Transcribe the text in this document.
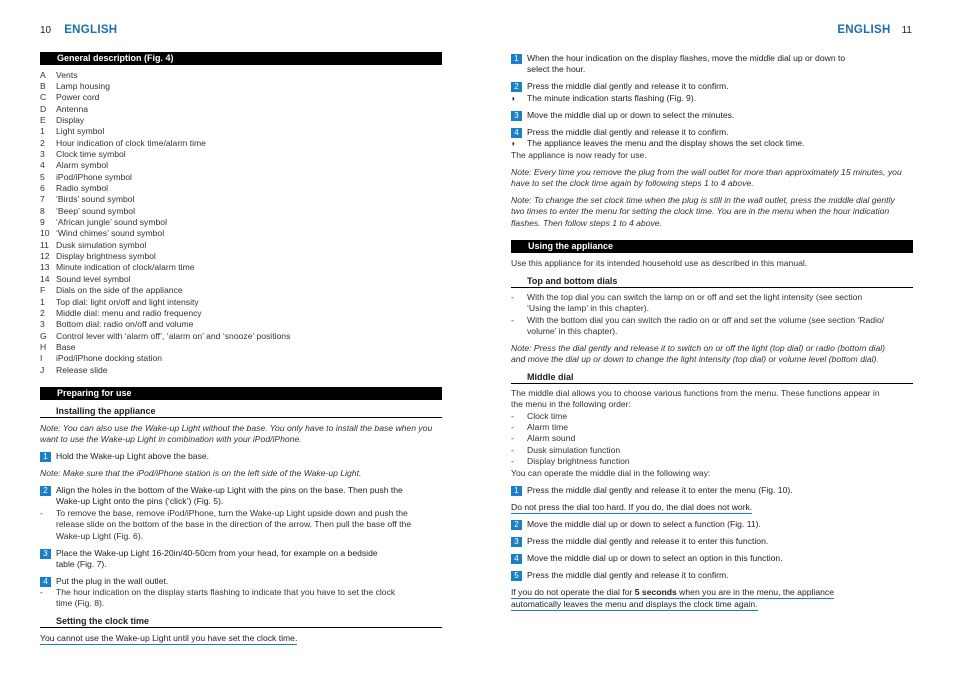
10 ENGLISH
General description (Fig. 4)
A	Vents
B	Lamp housing
C	Power cord
D	Antenna
E	Display
1	Light symbol
2	Hour indication of clock time/alarm time
3	Clock time symbol
4	Alarm symbol
5	iPod/iPhone symbol
6	Radio symbol
7	‘Birds’ sound symbol
8	‘Beep’ sound symbol
9	‘African jungle’ sound symbol
10 ‘Wind chimes’ sound symbol
11 Dusk simulation symbol
12 Display brightness symbol
13 Minute indication of clock/alarm time
14 Sound level symbol
F	Dials on the side of the appliance
1	Top dial: light on/off and light intensity
2	Middle dial: menu and radio frequency
3	Bottom dial: radio on/off and volume
G	Control lever with ‘alarm off’, ‘alarm on’ and ‘snooze’ positions
H	Base
I	iPod/iPhone docking station
J	Release slide
Preparing for use
Installing the appliance
Note: You can also use the Wake-up Light without the base. You only have to install the base when you
want to use the Wake-up Light in combination with your iPod/iPhone.
1 Hold the Wake-up Light above the base.
Note: Make sure that the iPod/iPhone station is on the left side of the Wake-up Light.
2 Align the holes in the bottom of the Wake-up Light with the pins on the base. Then push the
Wake-up Light onto the pins (‘click’) (Fig. 5).
- To remove the base, remove iPod/iPhone, turn the Wake-up Light upside down and push the
release slide on the bottom of the base in the direction of the arrow. Then pull the base off the
Wake-up Light (Fig. 6).
3 Place the Wake-up Light 16-20in/40-50cm from your head, for example on a bedside
table (Fig. 7).
4 Put the plug in the wall outlet.
- The hour indication on the display starts flashing to indicate that you have to set the clock
time (Fig. 8).
Setting the clock time
You cannot use the Wake-up Light until you have set the clock time.
ENGLISH 11
1 When the hour indication on the display flashes, move the middle dial up or down to
select the hour.
2 Press the middle dial gently and release it to confirm.
◗ The minute indication starts flashing (Fig. 9).
3 Move the middle dial up or down to select the minutes.
4 Press the middle dial gently and release it to confirm.
◗ The appliance leaves the menu and the display shows the set clock time.
The appliance is now ready for use.
Note: Every time you remove the plug from the wall outlet for more than approximately 15 minutes, you
have to set the clock time again by following steps 1 to 4 above.
Note: To change the set clock time when the plug is still in the wall outlet, press the middle dial gently
two times to enter the menu for setting the clock time. You are in the menu when the hour indication
flashes. Then follow steps 1 to 4 above.
Using the appliance
Use this appliance for its intended household use as described in this manual.
Top and bottom dials
- With the top dial you can switch the lamp on or off and set the light intensity (see section
‘Using the lamp’ in this chapter).
- With the bottom dial you can switch the radio on or off and set the volume (see section ‘Radio/
volume’ in this chapter).
Note: Press the dial gently and release it to switch on or off the light (top dial) or radio (bottom dial)
and move the dial up or down to change the light intensity (top dial) or volume level (bottom dial).
Middle dial
The middle dial allows you to choose various functions from the menu. These functions appear in
the menu in the following order:
- Clock time
- Alarm time
- Alarm sound
- Dusk simulation function
- Display brightness function
You can operate the middle dial in the following way:
1 Press the middle dial gently and release it to enter the menu (Fig. 10).
Do not press the dial too hard. If you do, the dial does not work.
2 Move the middle dial up or down to select a function (Fig. 11).
3 Press the middle dial gently and release it to enter this function.
4 Move the middle dial up or down to select an option in this function.
5 Press the middle dial gently and release it to confirm.
If you do not operate the dial for 5 seconds when you are in the menu, the appliance
automatically leaves the menu and displays the clock time again.
